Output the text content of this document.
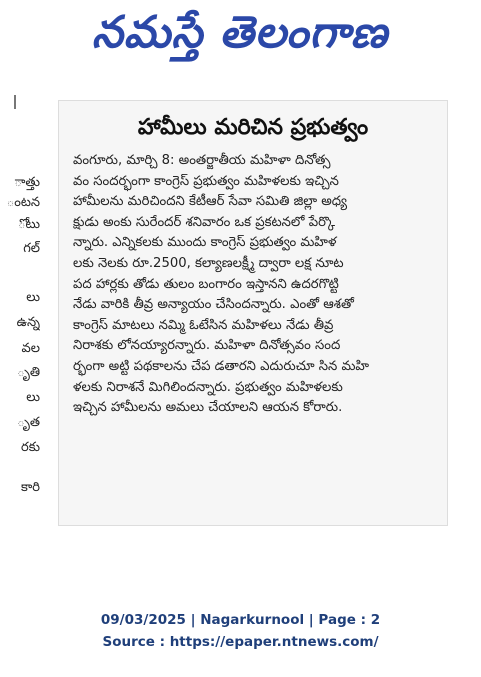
నమస్తే తెలంగాణ
ాత్తు
ంటన
ోటు
గల్
లు
ఉన్న
వల
ృతి
లు
ృత
రకు
కారి
హామీలు మరిచిన ప్రభుత్వం
వంగూరు, మార్చి 8: అంతర్జాతీయ మహిళా దినోత్స
వం సందర్భంగా కాంగ్రెస్ ప్రభుత్వం మహిళలకు ఇచ్చిన
హామీలను మరిచిందని కేటీఆర్ సేవా సమితి జిల్లా అధ్య
క్షుడు అంకు సురేందర్ శనివారం ఒక ప్రకటనలో పేర్కొ
న్నారు. ఎన్నికలకు ముందు కాంగ్రెస్ ప్రభుత్వం మహిళ
లకు నెలకు రూ.2500, కల్యాణలక్ష్మీ ద్వారా లక్ష నూట
పద హార్లకు తోడు తులం బంగారం ఇస్తానని ఉదరగొట్టి
నేడు వారికి తీవ్ర అన్యాయం చేసిందన్నారు. ఎంతో ఆశతో
కాంగ్రెస్ మాటలు నమ్మి ఓటేసిన మహిళలు నేడు తీవ్ర
నిరాశకు లోనయ్యారన్నారు. మహిళా దినోత్సవం సంద
ర్భంగా అట్టి పథకాలను చేప డతారని ఎదురుచూ సిన మహి
ళలకు నిరాశనే మిగిలిందన్నారు. ప్రభుత్వం మహిళలకు
ఇచ్చిన హామీలను అమలు చేయాలని ఆయన కోరారు.
09/03/2025 | Nagarkurnool | Page : 2
Source : https://epaper.ntnews.com/
